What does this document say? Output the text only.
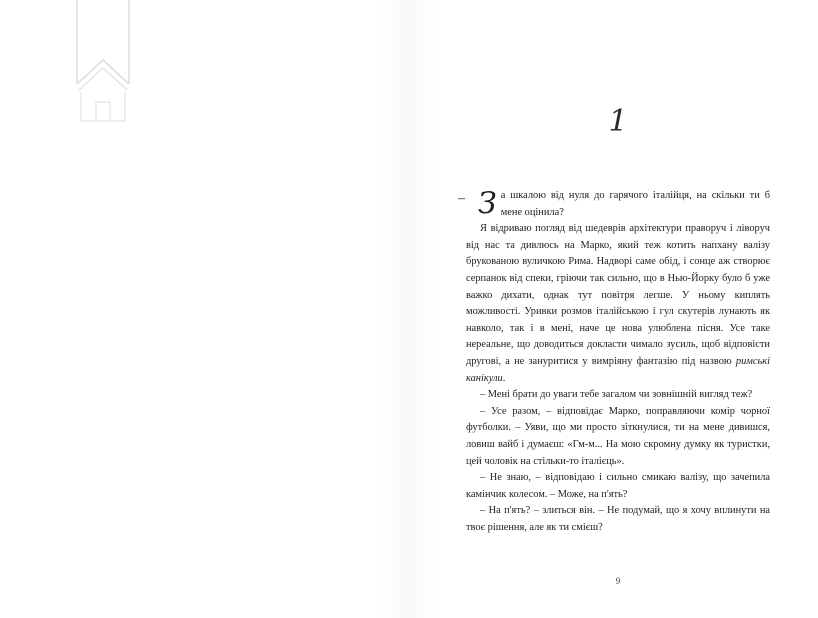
1

– З а шкалою від нуля до гарячого італійця, на скільки ти б мене оцінила?

Я відриваю погляд від шедеврів архітектури праворуч і ліворуч від нас та дивлюсь на Марко, який теж котить напхану валізу брукованою вуличкою Рима. Надворі саме обід, і сонце аж створює серпанок від спеки, гріючи так сильно, що в Нью-Йорку було б уже важко дихати, однак тут повітря легше. У ньому киплять можливості. Уривки розмов італійською і гул скутерів лунають як навколо, так і в мені, наче це нова улюблена пісня. Усе таке нереальне, що доводиться докласти чимало зусиль, щоб відповісти другові, а не зануритися у вимріяну фантазію під назвою римські канікули.

– Мені брати до уваги тебе загалом чи зовнішній вигляд теж?

– Усе разом, – відповідає Марко, поправляючи комір чорної футболки. – Уяви, що ми просто зіткнулися, ти на мене дивишся, ловиш вайб і думаєш: «Гм-м... На мою скромну думку як туристки, цей чоловік на стільки-то італієць».

– Не знаю, – відповідаю і сильно смикаю валізу, що зачепила камінчик колесом. – Може, на п'ять?

– На п'ять? – злиться він. – Не подумай, що я хочу вплинути на твоє рішення, але як ти смієш?

9
